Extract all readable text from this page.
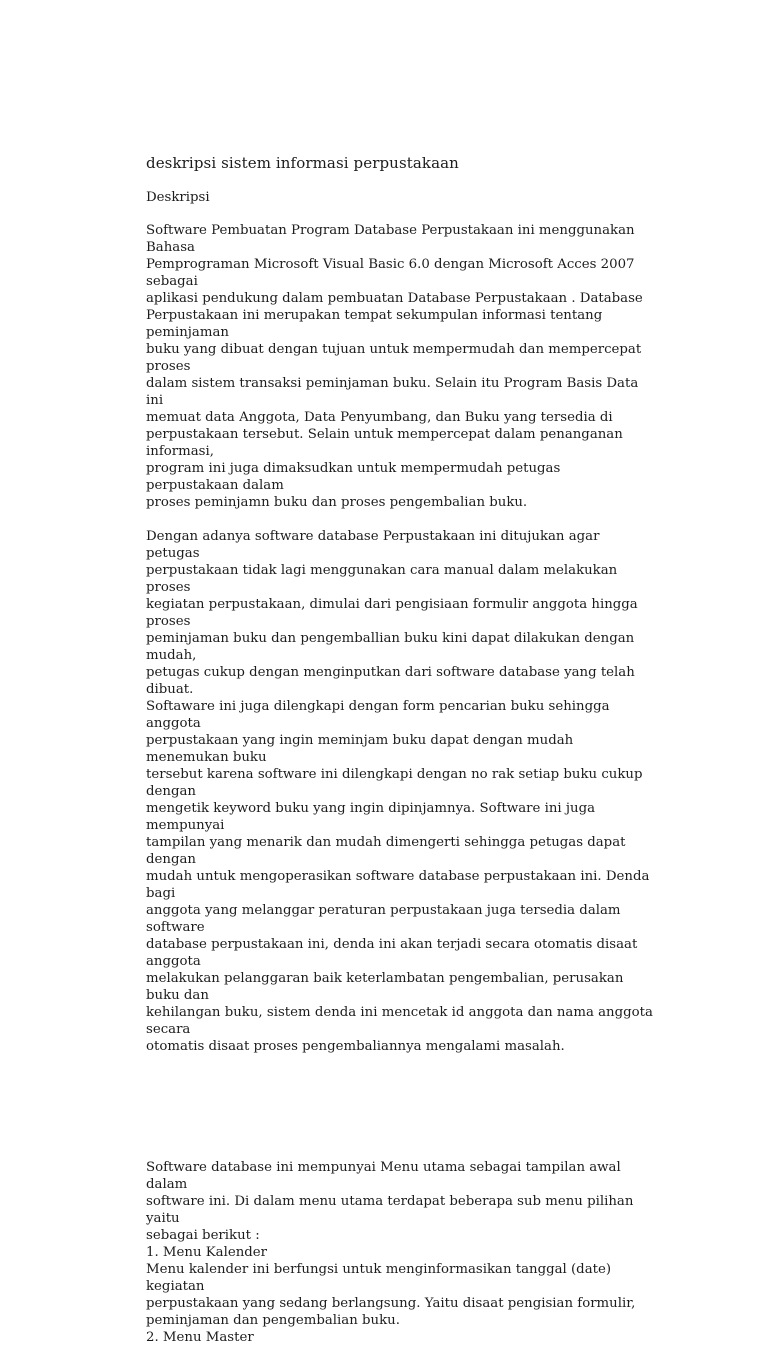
deskripsi sistem informasi perpustakaan

Deskripsi

Software Pembuatan Program Database Perpustakaan ini menggunakan Bahasa
Pemprograman Microsoft Visual Basic 6.0 dengan Microsoft Acces 2007 sebagai
aplikasi pendukung dalam pembuatan Database Perpustakaan . Database
Perpustakaan ini merupakan tempat sekumpulan informasi tentang peminjaman
buku yang dibuat dengan tujuan untuk mempermudah dan mempercepat proses
dalam sistem transaksi peminjaman buku. Selain itu Program Basis Data ini
memuat data Anggota, Data Penyumbang, dan Buku yang tersedia di
perpustakaan tersebut. Selain untuk mempercepat dalam penanganan informasi,
program ini juga dimaksudkan untuk mempermudah petugas perpustakaan dalam
proses peminjamn buku dan proses pengembalian buku.

Dengan adanya software database Perpustakaan ini ditujukan agar petugas
perpustakaan tidak lagi menggunakan cara manual dalam melakukan proses
kegiatan perpustakaan, dimulai dari pengisiaan formulir anggota hingga proses
peminjaman buku dan pengemballian buku kini dapat dilakukan dengan mudah,
petugas cukup dengan menginputkan dari software database yang telah dibuat.
Softaware ini juga dilengkapi dengan form pencarian buku sehingga anggota
perpustakaan yang ingin meminjam buku dapat dengan mudah menemukan buku
tersebut karena software ini dilengkapi dengan no rak setiap buku cukup dengan
mengetik keyword buku yang ingin dipinjamnya. Software ini juga mempunyai
tampilan yang menarik dan mudah dimengerti sehingga petugas dapat dengan
mudah untuk mengoperasikan software database perpustakaan ini. Denda bagi
anggota yang melanggar peraturan perpustakaan juga tersedia dalam software
database perpustakaan ini, denda ini akan terjadi secara otomatis disaat anggota
melakukan pelanggaran baik keterlambatan pengembalian, perusakan buku dan
kehilangan buku, sistem denda ini mencetak id anggota dan nama anggota secara
otomatis disaat proses pengembaliannya mengalami masalah.

Software database ini mempunyai Menu utama sebagai tampilan awal dalam
software ini. Di dalam menu utama terdapat beberapa sub menu pilihan yaitu
sebagai berikut :

1. Menu Kalender

Menu kalender ini berfungsi untuk menginformasikan tanggal (date) kegiatan
perpustakaan yang sedang berlangsung. Yaitu disaat pengisian formulir,
peminjaman dan pengembalian buku.

2. Menu Master
